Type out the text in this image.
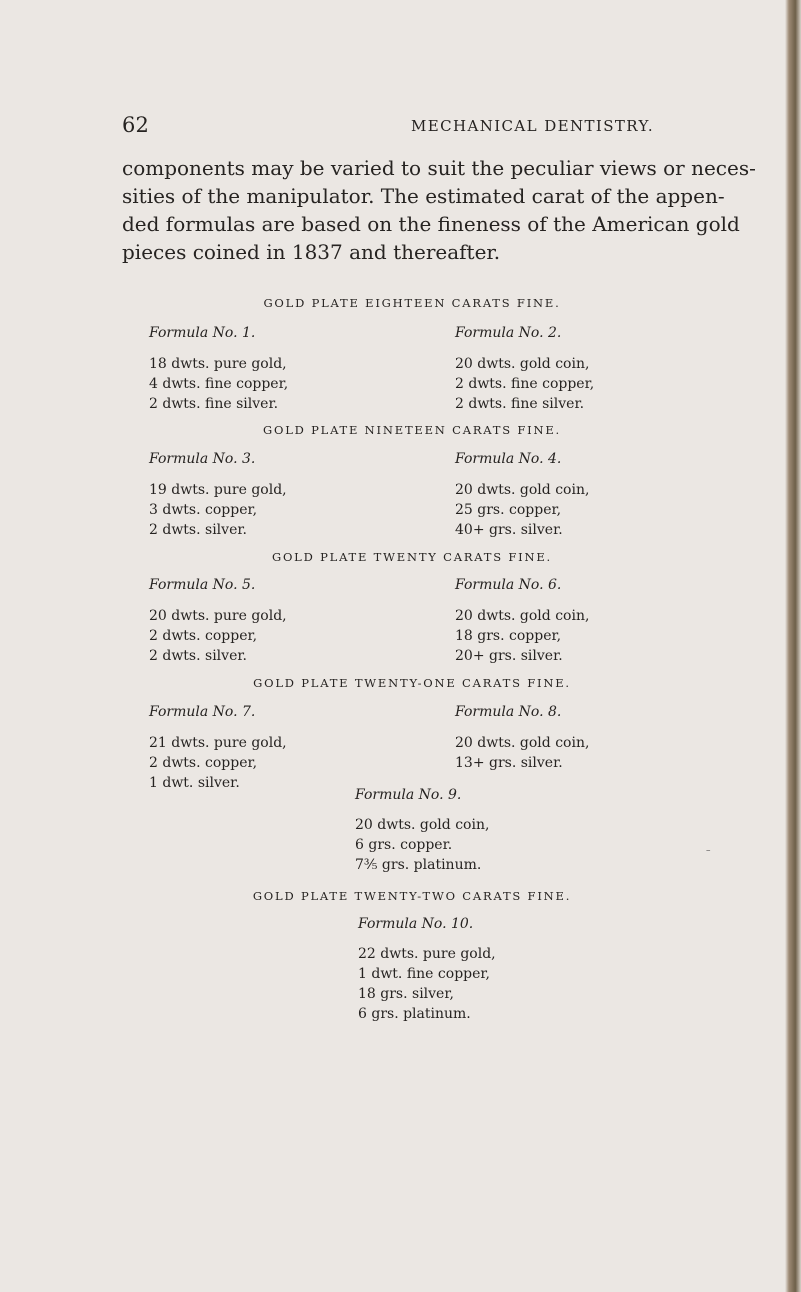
62	MECHANICAL DENTISTRY.

components may be varied to suit the peculiar views or neces-
sities of the manipulator. The estimated carat of the appen-
ded formulas are based on the fineness of the American gold
pieces coined in 1837 and thereafter.

GOLD PLATE EIGHTEEN CARATS FINE.
Formula No. 1.
18 dwts. pure gold,
4 dwts. fine copper,
2 dwts. fine silver.
Formula No. 2.
20 dwts. gold coin,
2 dwts. fine copper,
2 dwts. fine silver.
GOLD PLATE NINETEEN CARATS FINE.
Formula No. 3.
19 dwts. pure gold,
3 dwts. copper,
2 dwts. silver.
Formula No. 4.
20 dwts. gold coin,
25 grs. copper,
40+ grs. silver.
GOLD PLATE TWENTY CARATS FINE.
Formula No. 5.
20 dwts. pure gold,
2 dwts. copper,
2 dwts. silver.
Formula No. 6.
20 dwts. gold coin,
18 grs. copper,
20+ grs. silver.
GOLD PLATE TWENTY-ONE CARATS FINE.
Formula No. 7.
21 dwts. pure gold,
2 dwts. copper,
1 dwt. silver.
Formula No. 8.
20 dwts. gold coin,
13+ grs. silver.
Formula No. 9.
20 dwts. gold coin,
6 grs. copper.
7⅗ grs. platinum.
–
GOLD PLATE TWENTY-TWO CARATS FINE.
Formula No. 10.
22 dwts. pure gold,
1 dwt. fine copper,
18 grs. silver,
6 grs. platinum.
